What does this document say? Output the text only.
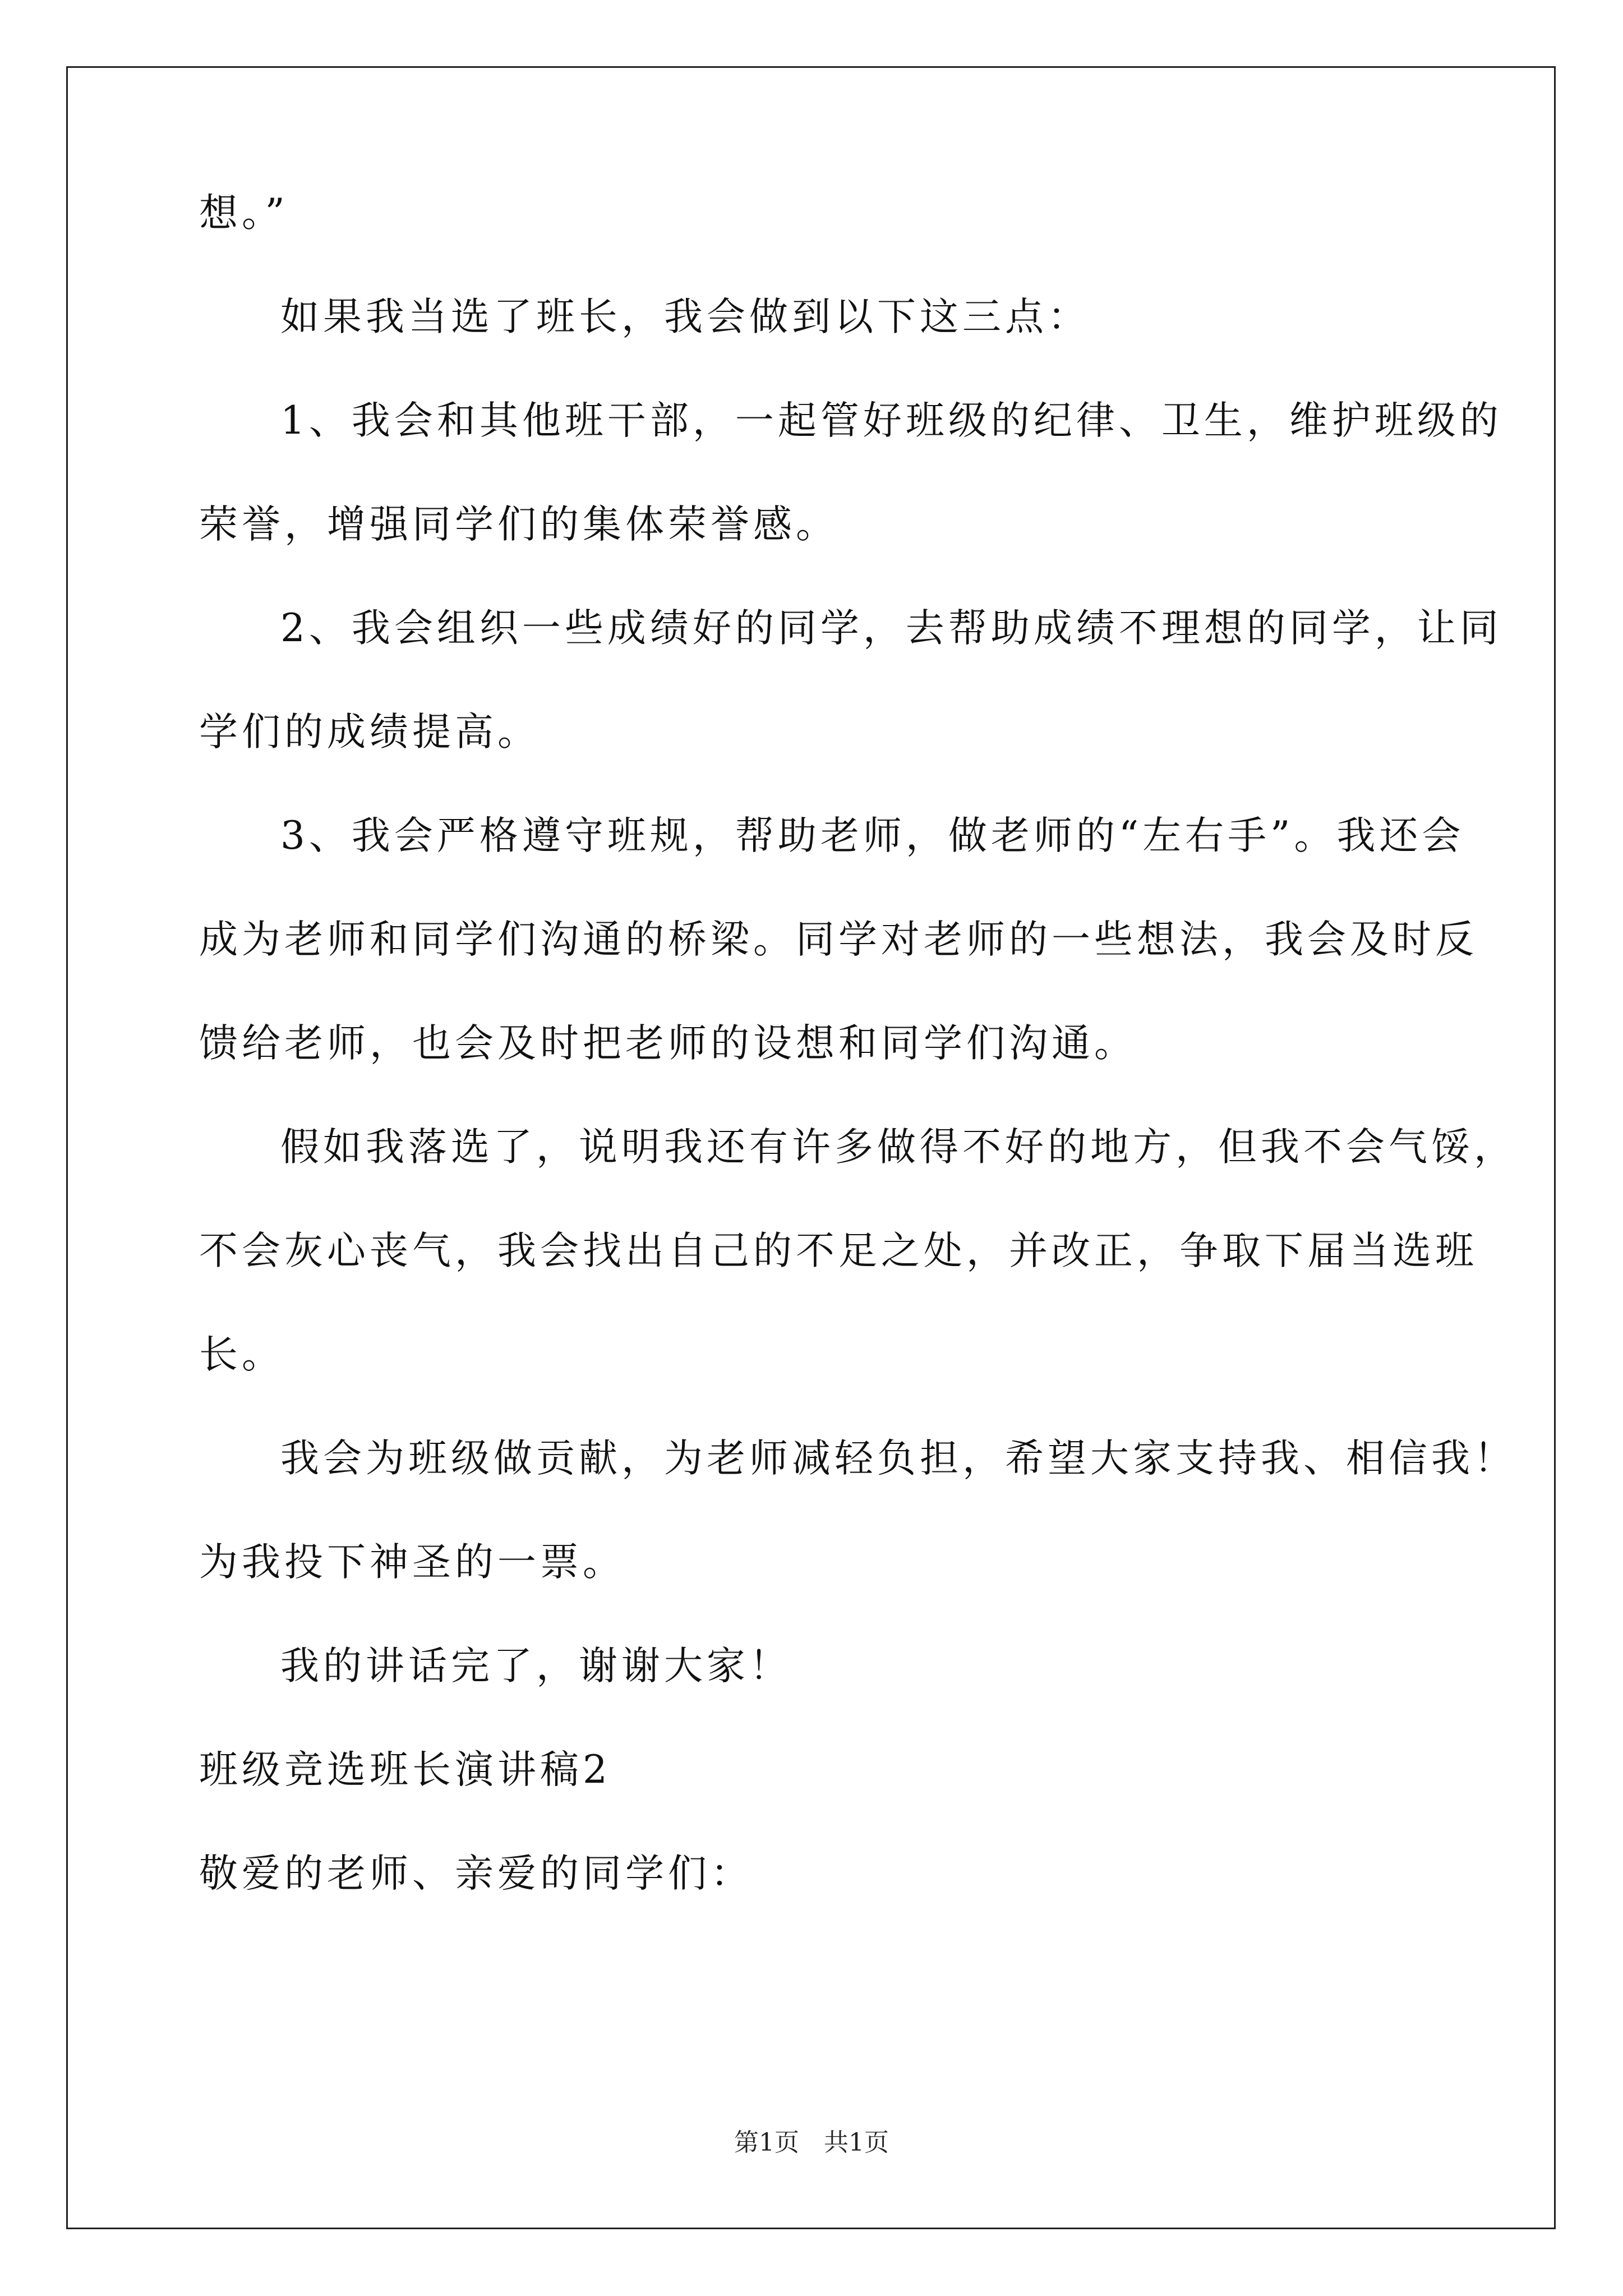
想。”
如果我当选了班长，我会做到以下这三点：
1、我会和其他班干部，一起管好班级的纪律、卫生，维护班级的
荣誉，增强同学们的集体荣誉感。
2、我会组织一些成绩好的同学，去帮助成绩不理想的同学，让同
学们的成绩提高。
3、我会严格遵守班规，帮助老师，做老师的“左右手”。我还会
成为老师和同学们沟通的桥梁。同学对老师的一些想法，我会及时反
馈给老师，也会及时把老师的设想和同学们沟通。
假如我落选了，说明我还有许多做得不好的地方，但我不会气馁，
不会灰心丧气，我会找出自己的不足之处，并改正，争取下届当选班
长。
我会为班级做贡献，为老师减轻负担，希望大家支持我、相信我！
为我投下神圣的一票。
我的讲话完了，谢谢大家！
班级竞选班长演讲稿2
敬爱的老师、亲爱的同学们：
第1页　共1页
